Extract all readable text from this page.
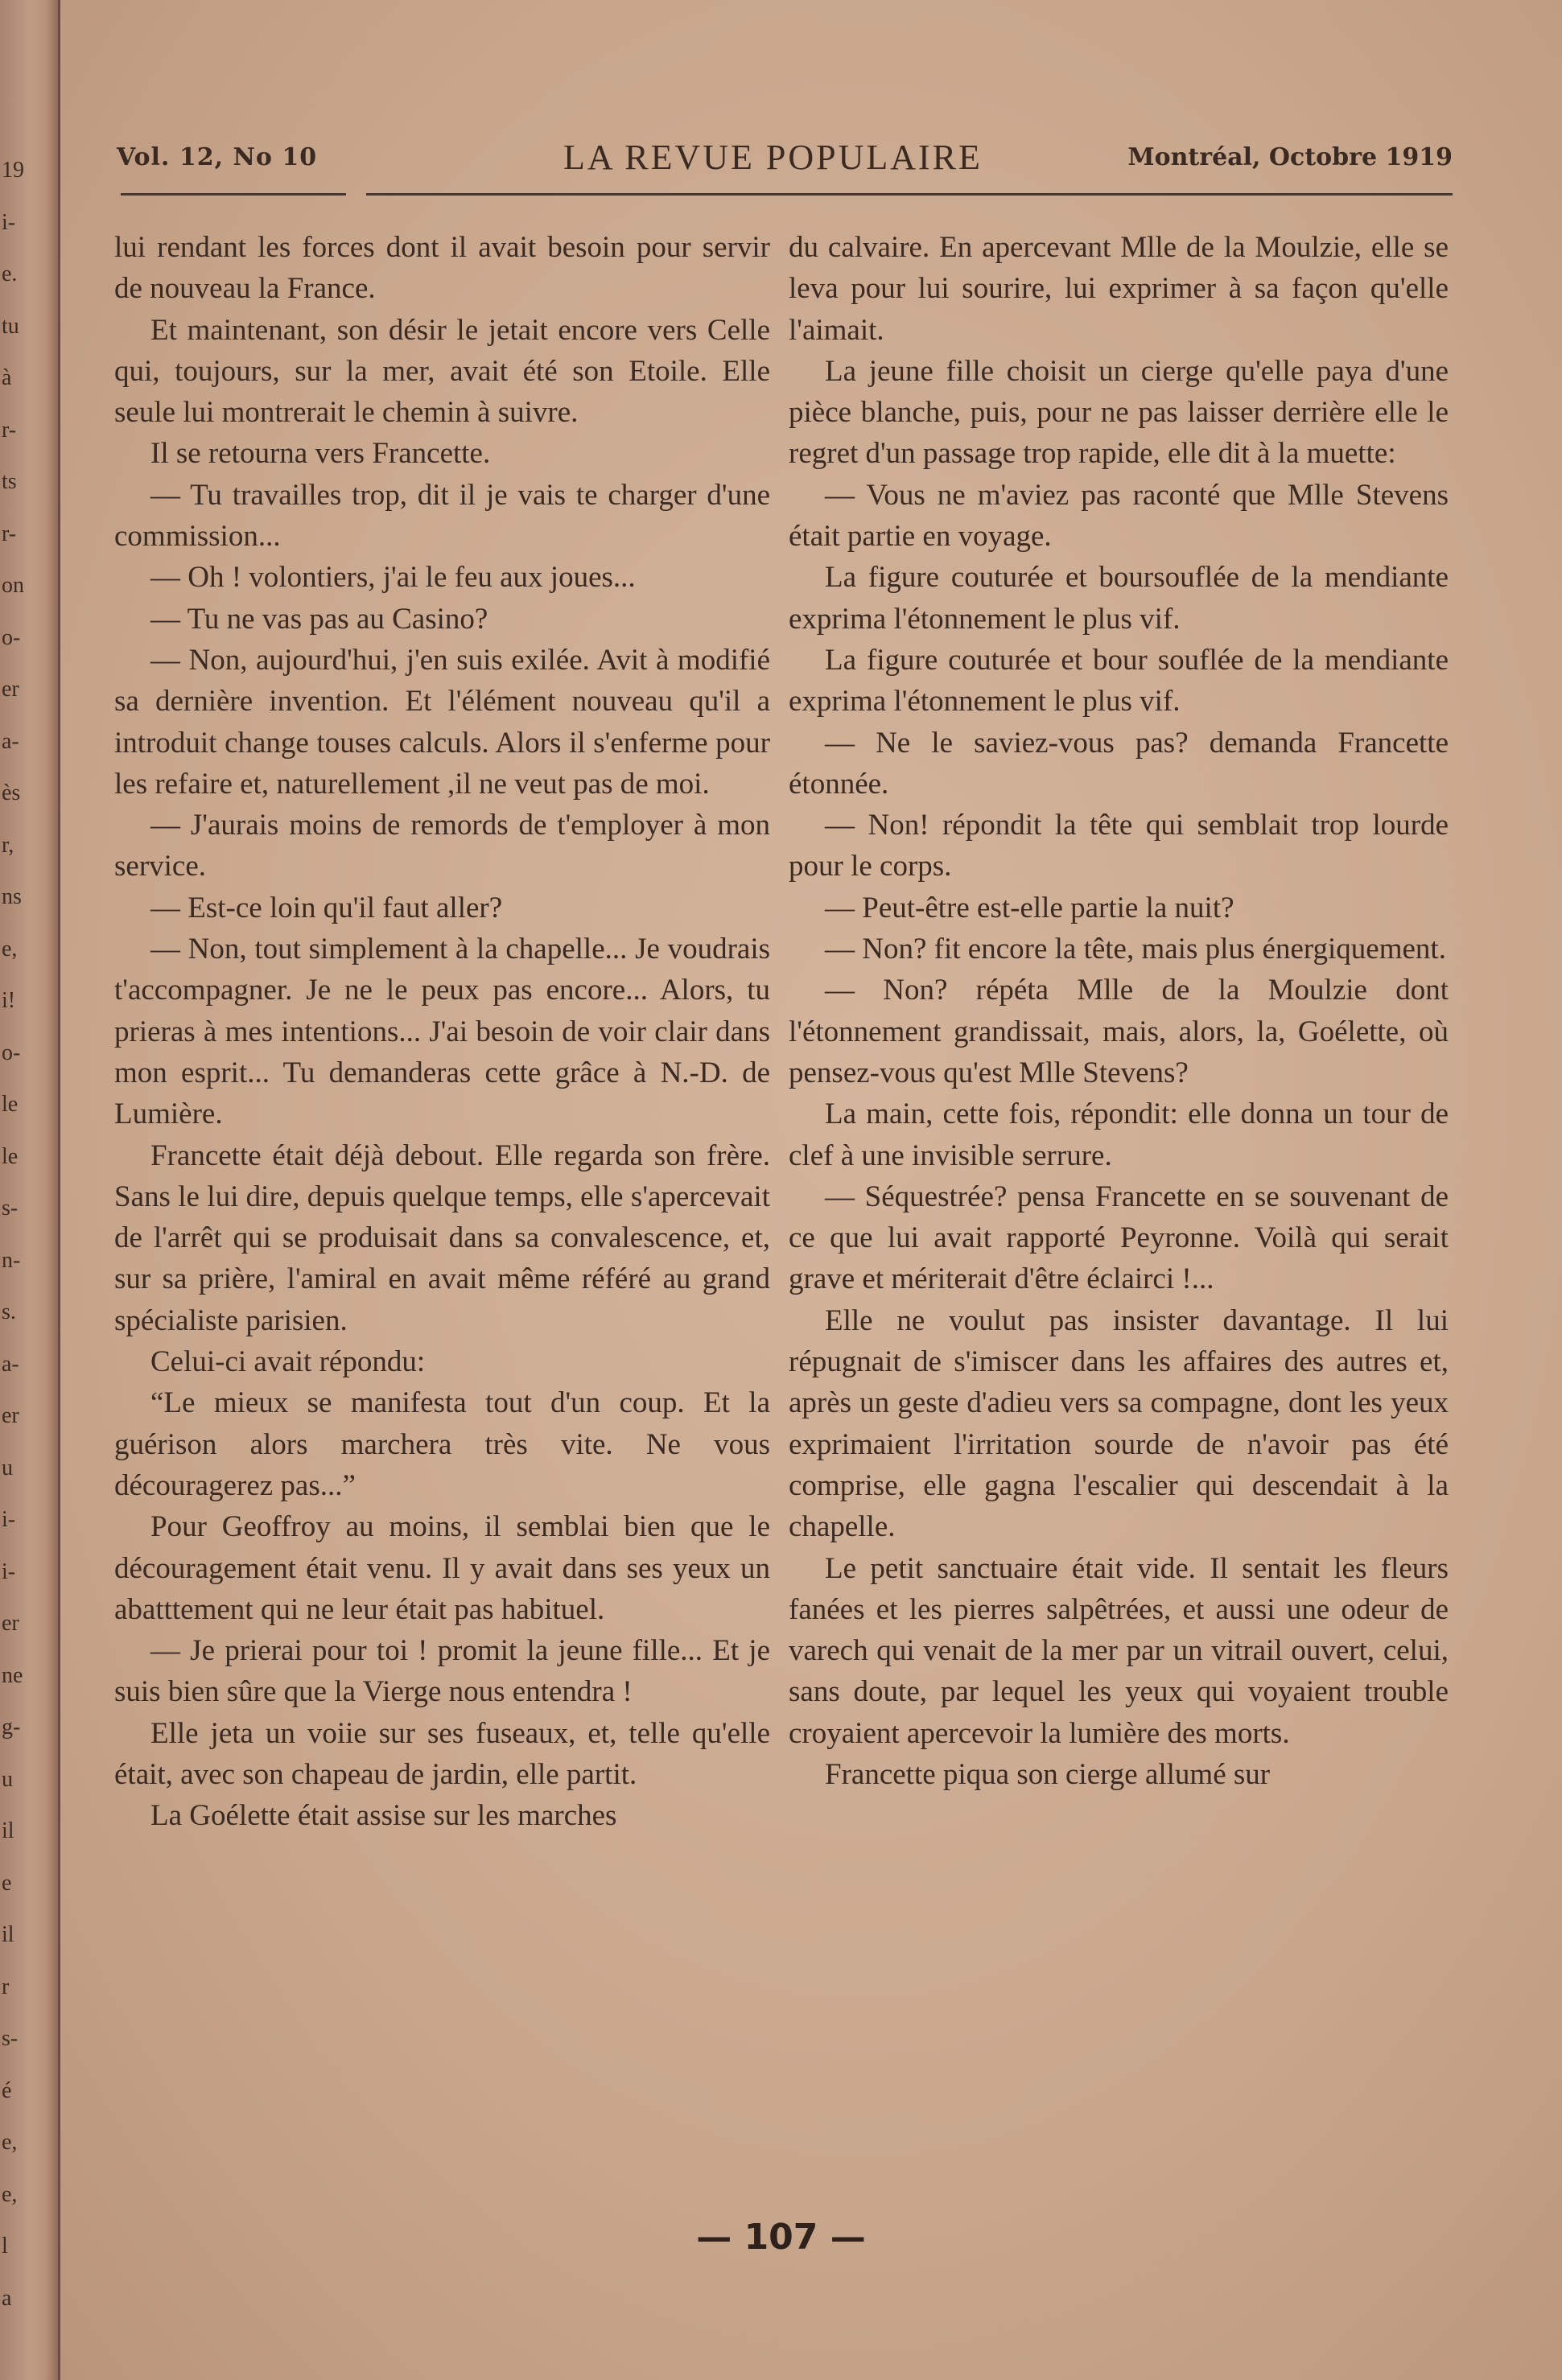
19
i-
e.
tu
à
r-
ts
r-
on
o-
er
a-
ès
r,
ns
e,
i!
o-
le
le
s-
n-
s.
a-
er
u
i-
i-
er
ne
g-
u
il
e
il
r
s-
é
e,
e,
l
a
Vol. 12, No 10	LA REVUE POPULAIRE	Montréal, Octobre 1919

lui rendant les forces dont il avait besoin pour servir de nouveau la France.

Et maintenant, son désir le jetait encore vers Celle qui, toujours, sur la mer, avait été son Etoile. Elle seule lui montrerait le chemin à suivre.

Il se retourna vers Francette.

— Tu travailles trop, dit il je vais te charger d'une commission...

— Oh ! volontiers, j'ai le feu aux joues...

— Tu ne vas pas au Casino?

— Non, aujourd'hui, j'en suis exilée. Avit à modifié sa dernière invention. Et l'élément nouveau qu'il a introduit change touses calculs. Alors il s'enferme pour les refaire et, naturellement ,il ne veut pas de moi.

— J'aurais moins de remords de t'employer à mon service.

— Est-ce loin qu'il faut aller?

— Non, tout simplement à la chapelle... Je voudrais t'accompagner. Je ne le peux pas encore... Alors, tu prieras à mes intentions... J'ai besoin de voir clair dans mon esprit... Tu demanderas cette grâce à N.-D. de Lumière.

Francette était déjà debout. Elle regarda son frère. Sans le lui dire, depuis quelque temps, elle s'apercevait de l'arrêt qui se produisait dans sa convalescence, et, sur sa prière, l'amiral en avait même référé au grand spécialiste parisien.

Celui-ci avait répondu:

“Le mieux se manifesta tout d'un coup. Et la guérison alors marchera très vite. Ne vous découragerez pas...”

Pour Geoffroy au moins, il semblai bien que le découragement était venu. Il y avait dans ses yeux un abatttement qui ne leur était pas habituel.

— Je prierai pour toi ! promit la jeune fille... Et je suis bien sûre que la Vierge nous entendra !

Elle jeta un voiie sur ses fuseaux, et, telle qu'elle était, avec son chapeau de jardin, elle partit.

La Goélette était assise sur les marches

du calvaire. En apercevant Mlle de la Moulzie, elle se leva pour lui sourire, lui exprimer à sa façon qu'elle l'aimait.

La jeune fille choisit un cierge qu'elle paya d'une pièce blanche, puis, pour ne pas laisser derrière elle le regret d'un passage trop rapide, elle dit à la muette:

— Vous ne m'aviez pas raconté que Mlle Stevens était partie en voyage.

La figure couturée et boursouflée de la mendiante exprima l'étonnement le plus vif.

La figure couturée et bour souflée de la mendiante exprima l'étonnement le plus vif.

— Ne le saviez-vous pas? demanda Francette étonnée.

— Non! répondit la tête qui semblait trop lourde pour le corps.

— Peut-être est-elle partie la nuit?

— Non? fit encore la tête, mais plus énergiquement.

— Non? répéta Mlle de la Moulzie dont l'étonnement grandissait, mais, alors, la, Goélette, où pensez-vous qu'est Mlle Stevens?

La main, cette fois, répondit: elle donna un tour de clef à une invisible serrure.

— Séquestrée? pensa Francette en se souvenant de ce que lui avait rapporté Peyronne. Voilà qui serait grave et mériterait d'être éclairci !...

Elle ne voulut pas insister davantage. Il lui répugnait de s'imiscer dans les affaires des autres et, après un geste d'adieu vers sa compagne, dont les yeux exprimaient l'irritation sourde de n'avoir pas été comprise, elle gagna l'escalier qui descendait à la chapelle.

Le petit sanctuaire était vide. Il sentait les fleurs fanées et les pierres salpêtrées, et aussi une odeur de varech qui venait de la mer par un vitrail ouvert, celui, sans doute, par lequel les yeux qui voyaient trouble croyaient apercevoir la lumière des morts.

Francette piqua son cierge allumé sur

— 107 —
